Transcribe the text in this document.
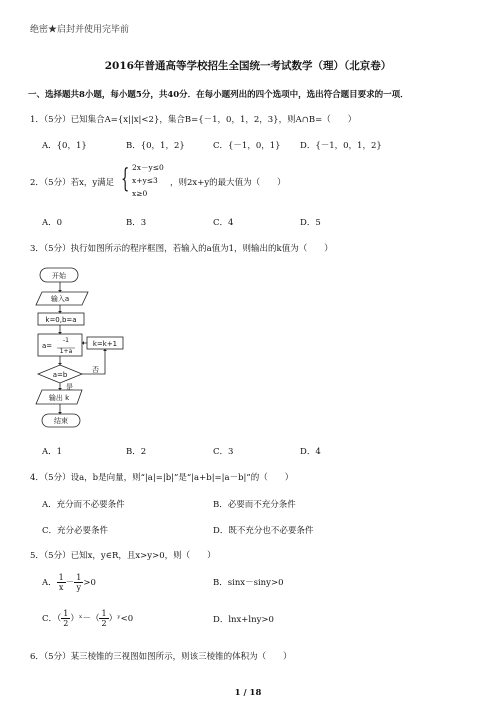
绝密★启封并使用完毕前
2016年普通高等学校招生全国统一考试数学（理）（北京卷）
一、选择题共8小题，每小题5分，共40分．在每小题列出的四个选项中，选出符合题目要求的一项．
1．（5分）已知集合A={x||x|<2}，集合B={－1，0，1，2，3}，则A∩B=（　　）
A．{0，1}	B．{0，1，2}	C．{－1，0，1} D．{－1，0，1，2}
2．（5分）若x，y满足 { 2x－y≤0
x+y≤3
x≥0
，则2x+y的最大值为（　　）
A．0	B．3	C．4	D．5
3．（5分）执行如图所示的程序框图，若输入的a值为1，则输出的k值为（　　）
开始
输入a
k=0,b=a
a=
-1
1+a
k=k+1
a=b
是
否
输出 k
结束
A．1	B．2	C．3	D．4
4．（5分）设a，b是向量，则“|a|=|b|”是“|a+b|=|a－b|”的（　　）
A．充分而不必要条件	B．必要而不充分条件
C．充分必要条件	D．既不充分也不必要条件
5．（5分）已知x，y∈R，且x>y>0，则（　　）
A． $\frac{1}{x} - \frac{1}{y} >0$	B．sinx－siny>0
C．（ $\frac{1}{2}$ ）ˣ－（ $\frac{1}{2}$ ）ʸ<0	D．lnx+lny>0
6．（5分）某三棱锥的三视图如图所示，则该三棱锥的体积为（　　）
1 / 18
